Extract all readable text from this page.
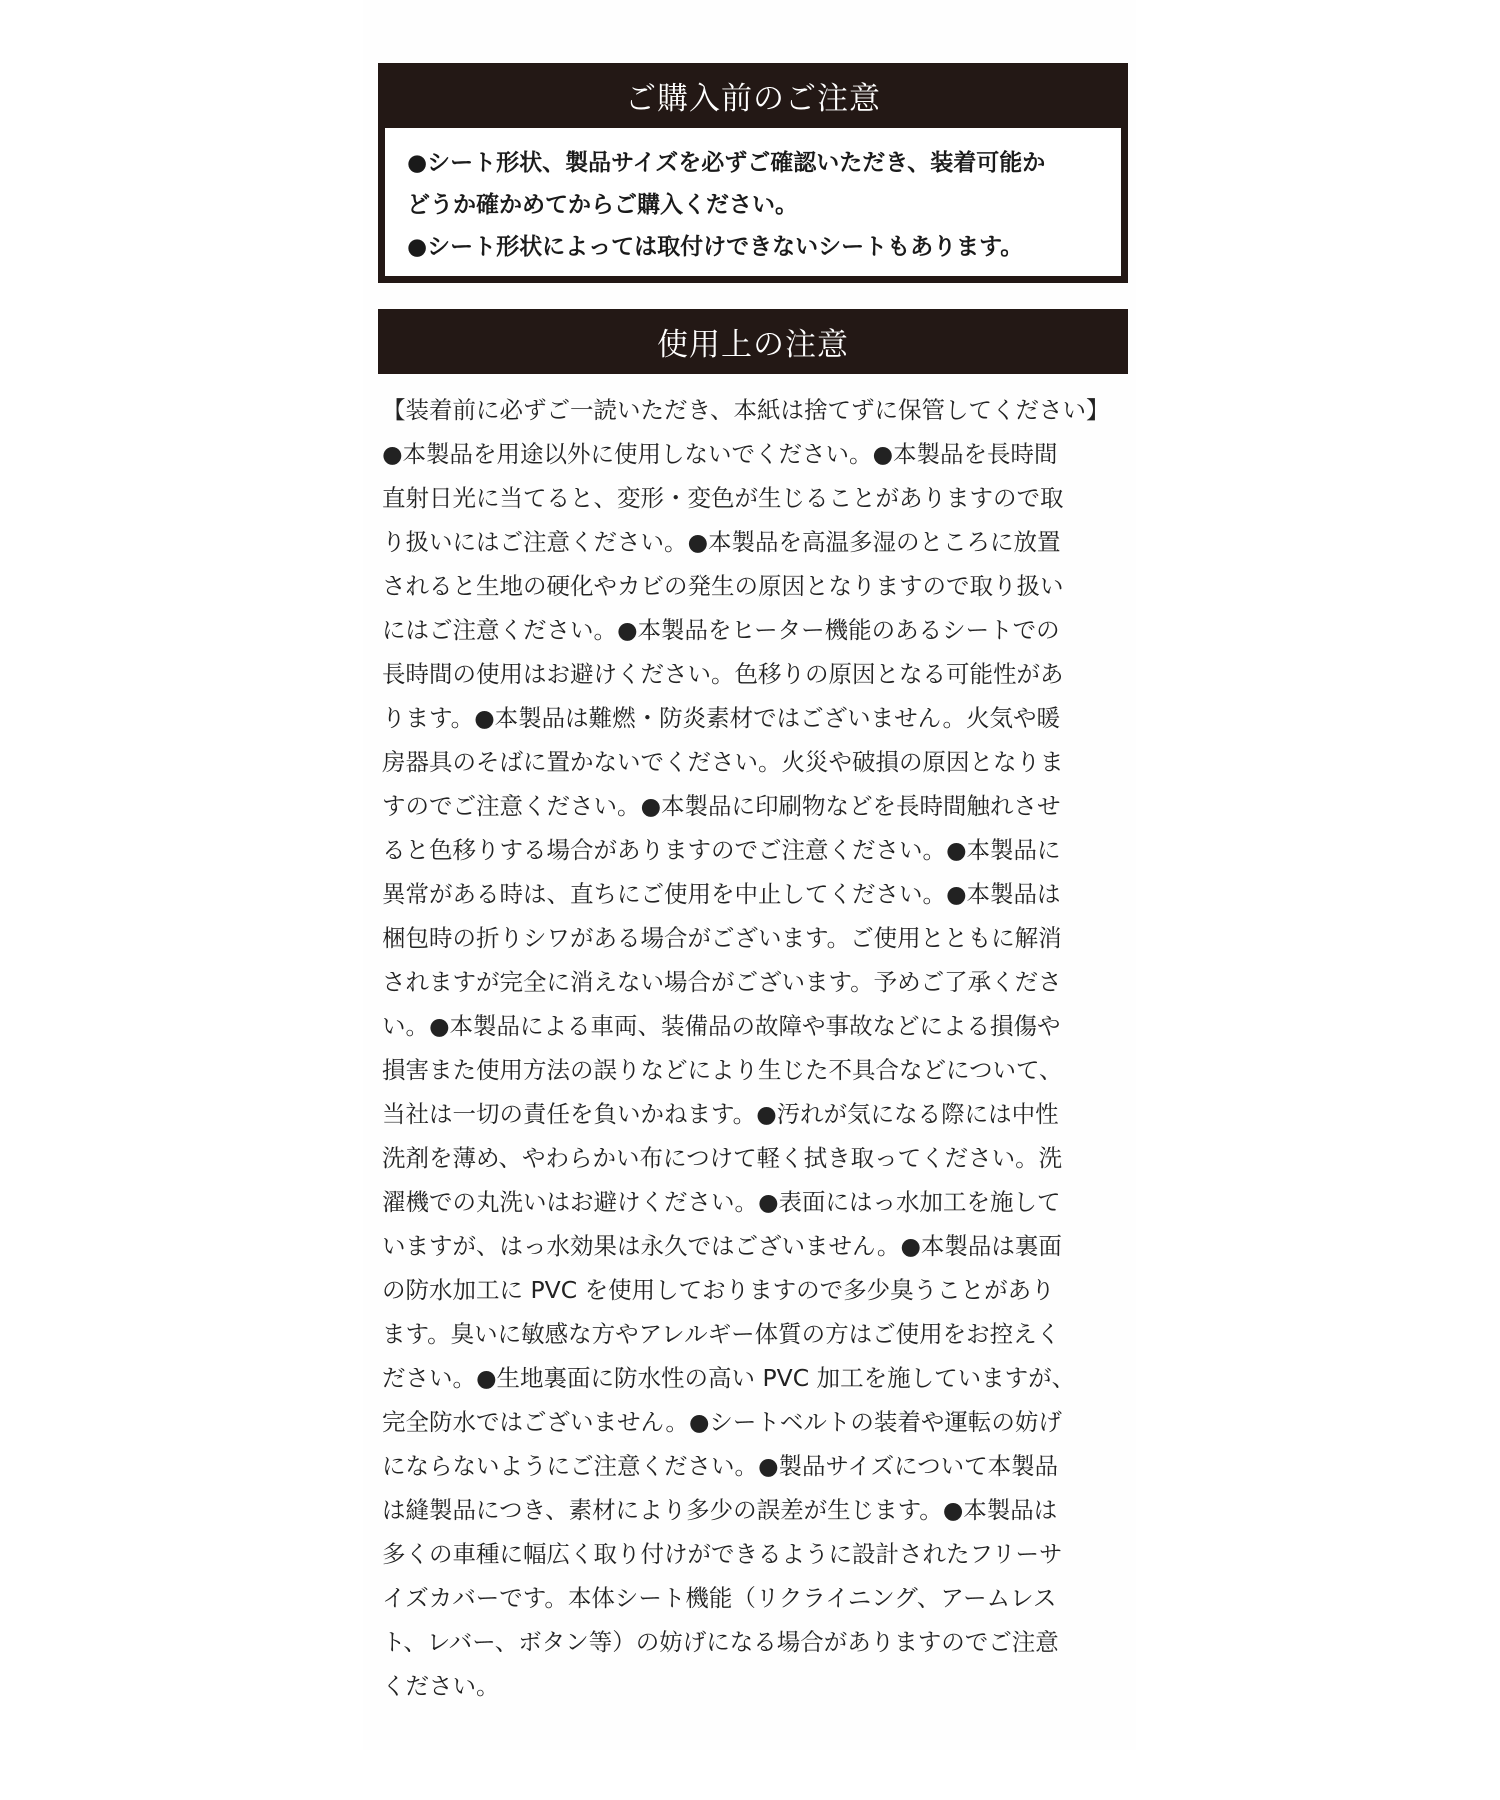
ご購入前のご注意
●シート形状、製品サイズを必ずご確認いただき、装着可能か
どうか確かめてからご購入ください。
●シート形状によっては取付けできないシートもあります。
使用上の注意
【装着前に必ずご一読いただき、本紙は捨てずに保管してください】
●本製品を用途以外に使用しないでください。●本製品を長時間
直射日光に当てると、変形・変色が生じることがありますので取
り扱いにはご注意ください。●本製品を高温多湿のところに放置
されると生地の硬化やカビの発生の原因となりますので取り扱い
にはご注意ください。●本製品をヒーター機能のあるシートでの
長時間の使用はお避けください。色移りの原因となる可能性があ
ります。●本製品は難燃・防炎素材ではございません。火気や暖
房器具のそばに置かないでください。火災や破損の原因となりま
すのでご注意ください。●本製品に印刷物などを長時間触れさせ
ると色移りする場合がありますのでご注意ください。●本製品に
異常がある時は、直ちにご使用を中止してください。●本製品は
梱包時の折りシワがある場合がございます。ご使用とともに解消
されますが完全に消えない場合がございます。予めご了承くださ
い。●本製品による車両、装備品の故障や事故などによる損傷や
損害また使用方法の誤りなどにより生じた不具合などについて、
当社は一切の責任を負いかねます。●汚れが気になる際には中性
洗剤を薄め、やわらかい布につけて軽く拭き取ってください。洗
濯機での丸洗いはお避けください。●表面にはっ水加工を施して
いますが、はっ水効果は永久ではございません。●本製品は裏面
の防水加工に PVC を使用しておりますので多少臭うことがあり
ます。臭いに敏感な方やアレルギー体質の方はご使用をお控えく
ださい。●生地裏面に防水性の高い PVC 加工を施していますが、
完全防水ではございません。●シートベルトの装着や運転の妨げ
にならないようにご注意ください。●製品サイズについて本製品
は縫製品につき、素材により多少の誤差が生じます。●本製品は
多くの車種に幅広く取り付けができるように設計されたフリーサ
イズカバーです。本体シート機能（リクライニング、アームレス
ト、レバー、ボタン等）の妨げになる場合がありますのでご注意
ください。
